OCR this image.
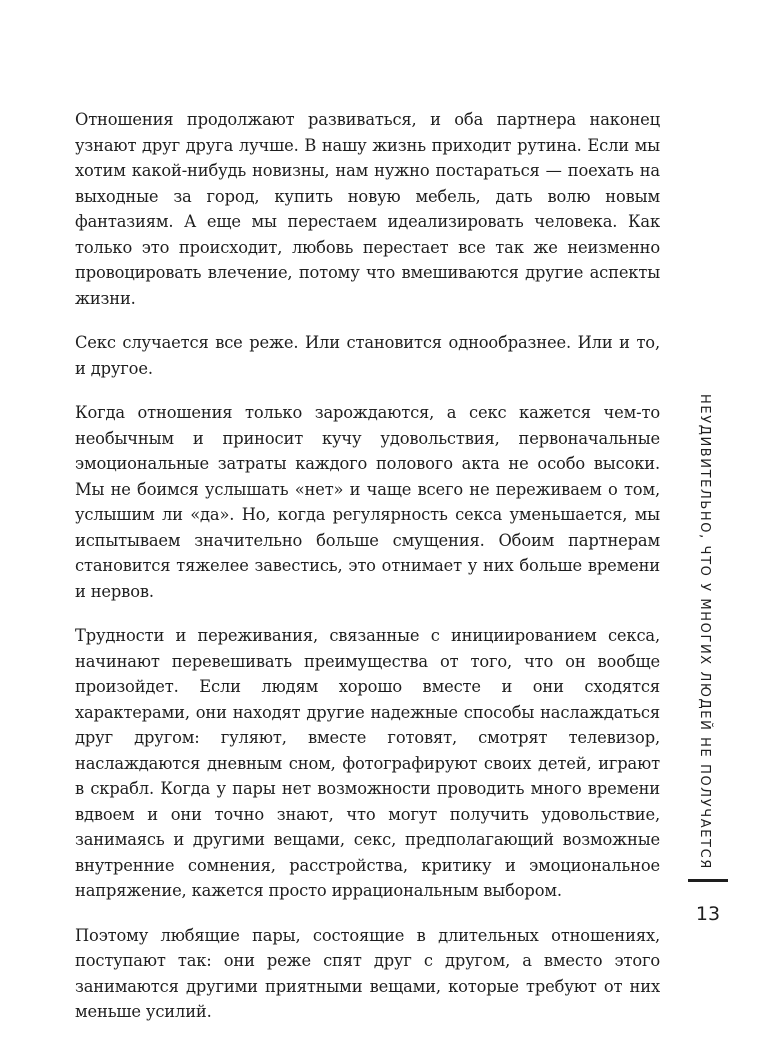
Отношения продолжают развиваться, и оба партнера наконец узнают друг друга лучше. В нашу жизнь приходит рутина. Если мы хотим какой-нибудь новизны, нам нужно постараться — поехать на выходные за город, купить новую мебель, дать волю новым фантазиям. А еще мы перестаем идеализировать человека. Как только это происходит, любовь перестает все так же неизменно провоцировать влечение, потому что вмешиваются другие аспекты жизни.

Секс случается все реже. Или становится однообразнее. Или и то, и другое.

Когда отношения только зарождаются, а секс кажется чем-то необычным и приносит кучу удовольствия, первоначальные эмоциональные затраты каждого полового акта не особо высоки. Мы не боимся услышать «нет» и чаще всего не переживаем о том, услышим ли «да». Но, когда регулярность секса уменьшается, мы испытываем значительно больше смущения. Обоим партнерам становится тяжелее завестись, это отнимает у них больше времени и нервов.

Трудности и переживания, связанные с инициированием секса, начинают перевешивать преимущества от того, что он вообще произойдет. Если людям хорошо вместе и они сходятся характерами, они находят другие надежные способы наслаждаться друг другом: гуляют, вместе готовят, смотрят телевизор, наслаждаются дневным сном, фотографируют своих детей, играют в скрабл. Когда у пары нет возможности проводить много времени вдвоем и они точно знают, что могут получить удовольствие, занимаясь и другими вещами, секс, предполагающий возможные внутренние сомнения, расстройства, критику и эмоциональное напряжение, кажется просто иррациональным выбором.

Поэтому любящие пары, состоящие в длительных отношениях, поступают так: они реже спят друг с другом, а вместо этого занимаются другими приятными вещами, которые требуют от них меньше усилий.

НЕУДИВИТЕЛЬНО, ЧТО У МНОГИХ ЛЮДЕЙ НЕ ПОЛУЧАЕТСЯ
13
